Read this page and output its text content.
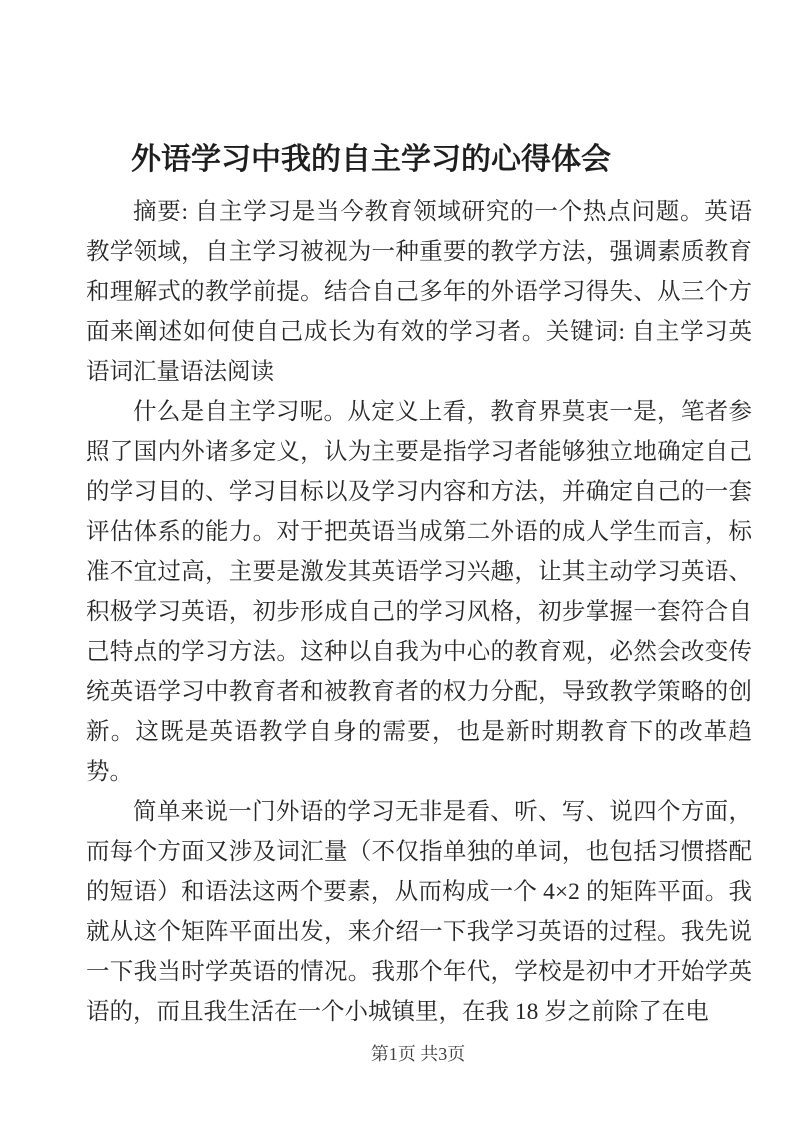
外语学习中我的自主学习的心得体会

摘要: 自主学习是当今教育领域研究的一个热点问题。英语教学领域，自主学习被视为一种重要的教学方法，强调素质教育和理解式的教学前提。结合自己多年的外语学习得失、从三个方面来阐述如何使自己成长为有效的学习者。关键词: 自主学习英语词汇量语法阅读

什么是自主学习呢。从定义上看，教育界莫衷一是，笔者参照了国内外诸多定义，认为主要是指学习者能够独立地确定自己的学习目的、学习目标以及学习内容和方法，并确定自己的一套评估体系的能力。对于把英语当成第二外语的成人学生而言，标准不宜过高，主要是激发其英语学习兴趣，让其主动学习英语、积极学习英语，初步形成自己的学习风格，初步掌握一套符合自己特点的学习方法。这种以自我为中心的教育观，必然会改变传统英语学习中教育者和被教育者的权力分配，导致教学策略的创新。这既是英语教学自身的需要，也是新时期教育下的改革趋势。

简单来说一门外语的学习无非是看、听、写、说四个方面，而每个方面又涉及词汇量（不仅指单独的单词，也包括习惯搭配的短语）和语法这两个要素，从而构成一个 4×2 的矩阵平面。我就从这个矩阵平面出发，来介绍一下我学习英语的过程。我先说一下我当时学英语的情况。我那个年代，学校是初中才开始学英语的，而且我生活在一个小城镇里，在我 18 岁之前除了在电

第1页 共3页
